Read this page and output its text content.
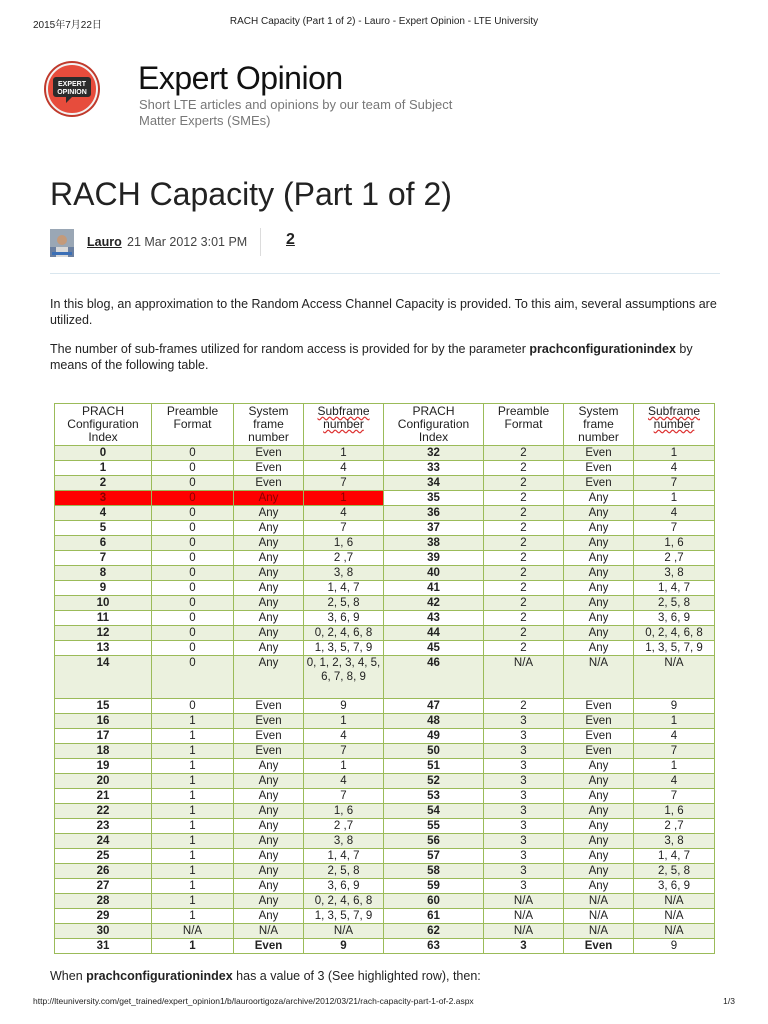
2015年7月22日	RACH Capacity (Part 1 of 2) - Lauro - Expert Opinion - LTE University
EXPERT
OPINION Expert Opinion
Short LTE articles and opinions by our team of Subject Matter Experts (SMEs)
RACH Capacity (Part 1 of 2)
Lauro 21 Mar 2012 3:01 PM 2
In this blog, an approximation to the Random Access Channel Capacity is provided. To this aim, several assumptions are utilized.
The number of sub-frames utilized for random access is provided for by the parameter prachconfigurationindex by means of the following table.
PRACH Configuration Index	Preamble Format	System frame number	Subframe number	PRACH Configuration Index	Preamble Format	System frame number	Subframe number
0	0	Even	1	32	2	Even	1
1	0	Even	4	33	2	Even	4
2	0	Even	7	34	2	Even	7
3	0	Any	1	35	2	Any	1
4	0	Any	4	36	2	Any	4
5	0	Any	7	37	2	Any	7
6	0	Any	1, 6	38	2	Any	1, 6
7	0	Any	2 ,7	39	2	Any	2 ,7
8	0	Any	3, 8	40	2	Any	3, 8
9	0	Any	1, 4, 7	41	2	Any	1, 4, 7
10	0	Any	2, 5, 8	42	2	Any	2, 5, 8
11	0	Any	3, 6, 9	43	2	Any	3, 6, 9
12	0	Any	0, 2, 4, 6, 8	44	2	Any	0, 2, 4, 6, 8
13	0	Any	1, 3, 5, 7, 9	45	2	Any	1, 3, 5, 7, 9
14	0	Any	0, 1, 2, 3, 4, 5, 6, 7, 8, 9	46	N/A	N/A	N/A
15	0	Even	9	47	2	Even	9
16	1	Even	1	48	3	Even	1
17	1	Even	4	49	3	Even	4
18	1	Even	7	50	3	Even	7
19	1	Any	1	51	3	Any	1
20	1	Any	4	52	3	Any	4
21	1	Any	7	53	3	Any	7
22	1	Any	1, 6	54	3	Any	1, 6
23	1	Any	2 ,7	55	3	Any	2 ,7
24	1	Any	3, 8	56	3	Any	3, 8
25	1	Any	1, 4, 7	57	3	Any	1, 4, 7
26	1	Any	2, 5, 8	58	3	Any	2, 5, 8
27	1	Any	3, 6, 9	59	3	Any	3, 6, 9
28	1	Any	0, 2, 4, 6, 8	60	N/A	N/A	N/A
29	1	Any	1, 3, 5, 7, 9	61	N/A	N/A	N/A
30	N/A	N/A	N/A	62	N/A	N/A	N/A
31	1	Even	9	63	3	Even	9
When prachconfigurationindex has a value of 3 (See highlighted row), then:
http://lteuniversity.com/get_trained/expert_opinion1/b/lauroortigoza/archive/2012/03/21/rach-capacity-part-1-of-2.aspx	1/3
